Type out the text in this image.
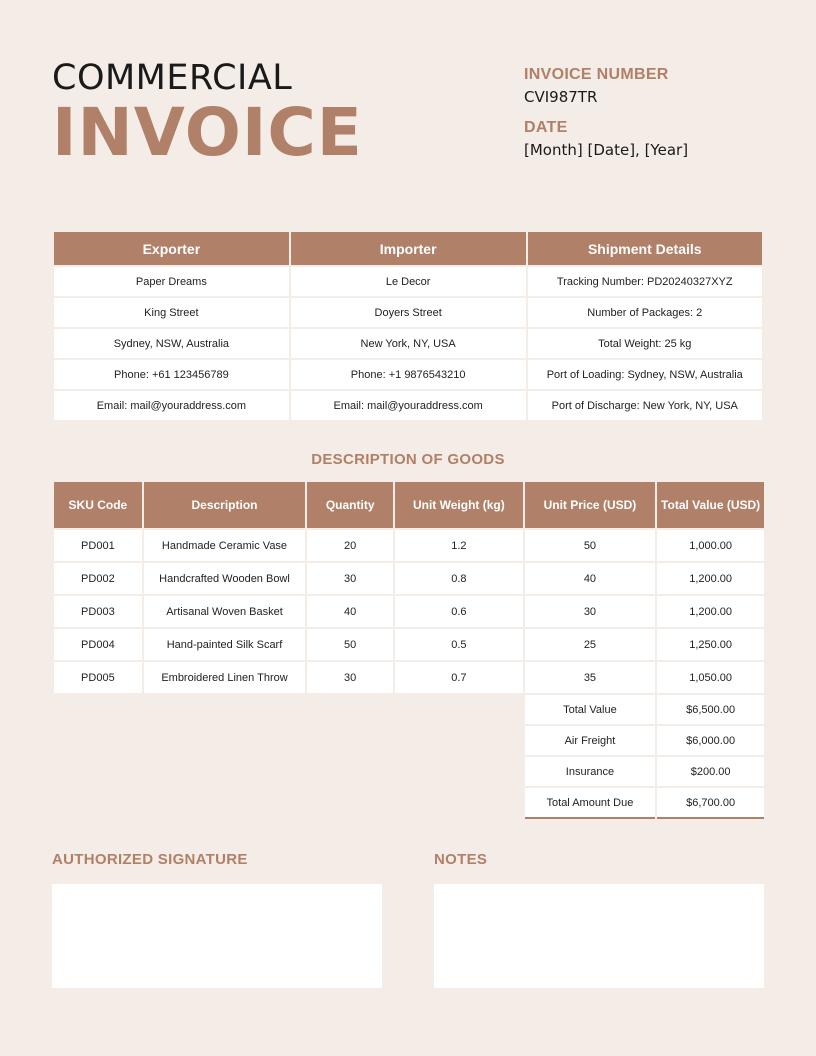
COMMERCIAL
INVOICE
INVOICE NUMBER
CVI987TR
DATE
[Month] [Date], [Year]
Exporter	Importer	Shipment Details
Paper Dreams	Le Decor	Tracking Number: PD20240327XYZ
King Street	Doyers Street	Number of Packages: 2
Sydney, NSW, Australia	New York, NY, USA	Total Weight: 25 kg
Phone: +61 123456789	Phone: +1 9876543210	Port of Loading: Sydney, NSW, Australia
Email: mail@youraddress.com	Email: mail@youraddress.com	Port of Discharge: New York, NY, USA
DESCRIPTION OF GOODS
SKU Code	Description	Quantity	Unit Weight (kg)	Unit Price (USD)	Total Value (USD)
PD001	Handmade Ceramic Vase	20	1.2	50	1,000.00
PD002	Handcrafted Wooden Bowl	30	0.8	40	1,200.00
PD003	Artisanal Woven Basket	40	0.6	30	1,200.00
PD004	Hand-painted Silk Scarf	50	0.5	25	1,250.00
PD005	Embroidered Linen Throw	30	0.7	35	1,050.00
				Total Value	$6,500.00
				Air Freight	$6,000.00
				Insurance	$200.00
				Total Amount Due	$6,700.00
AUTHORIZED SIGNATURE	NOTES
